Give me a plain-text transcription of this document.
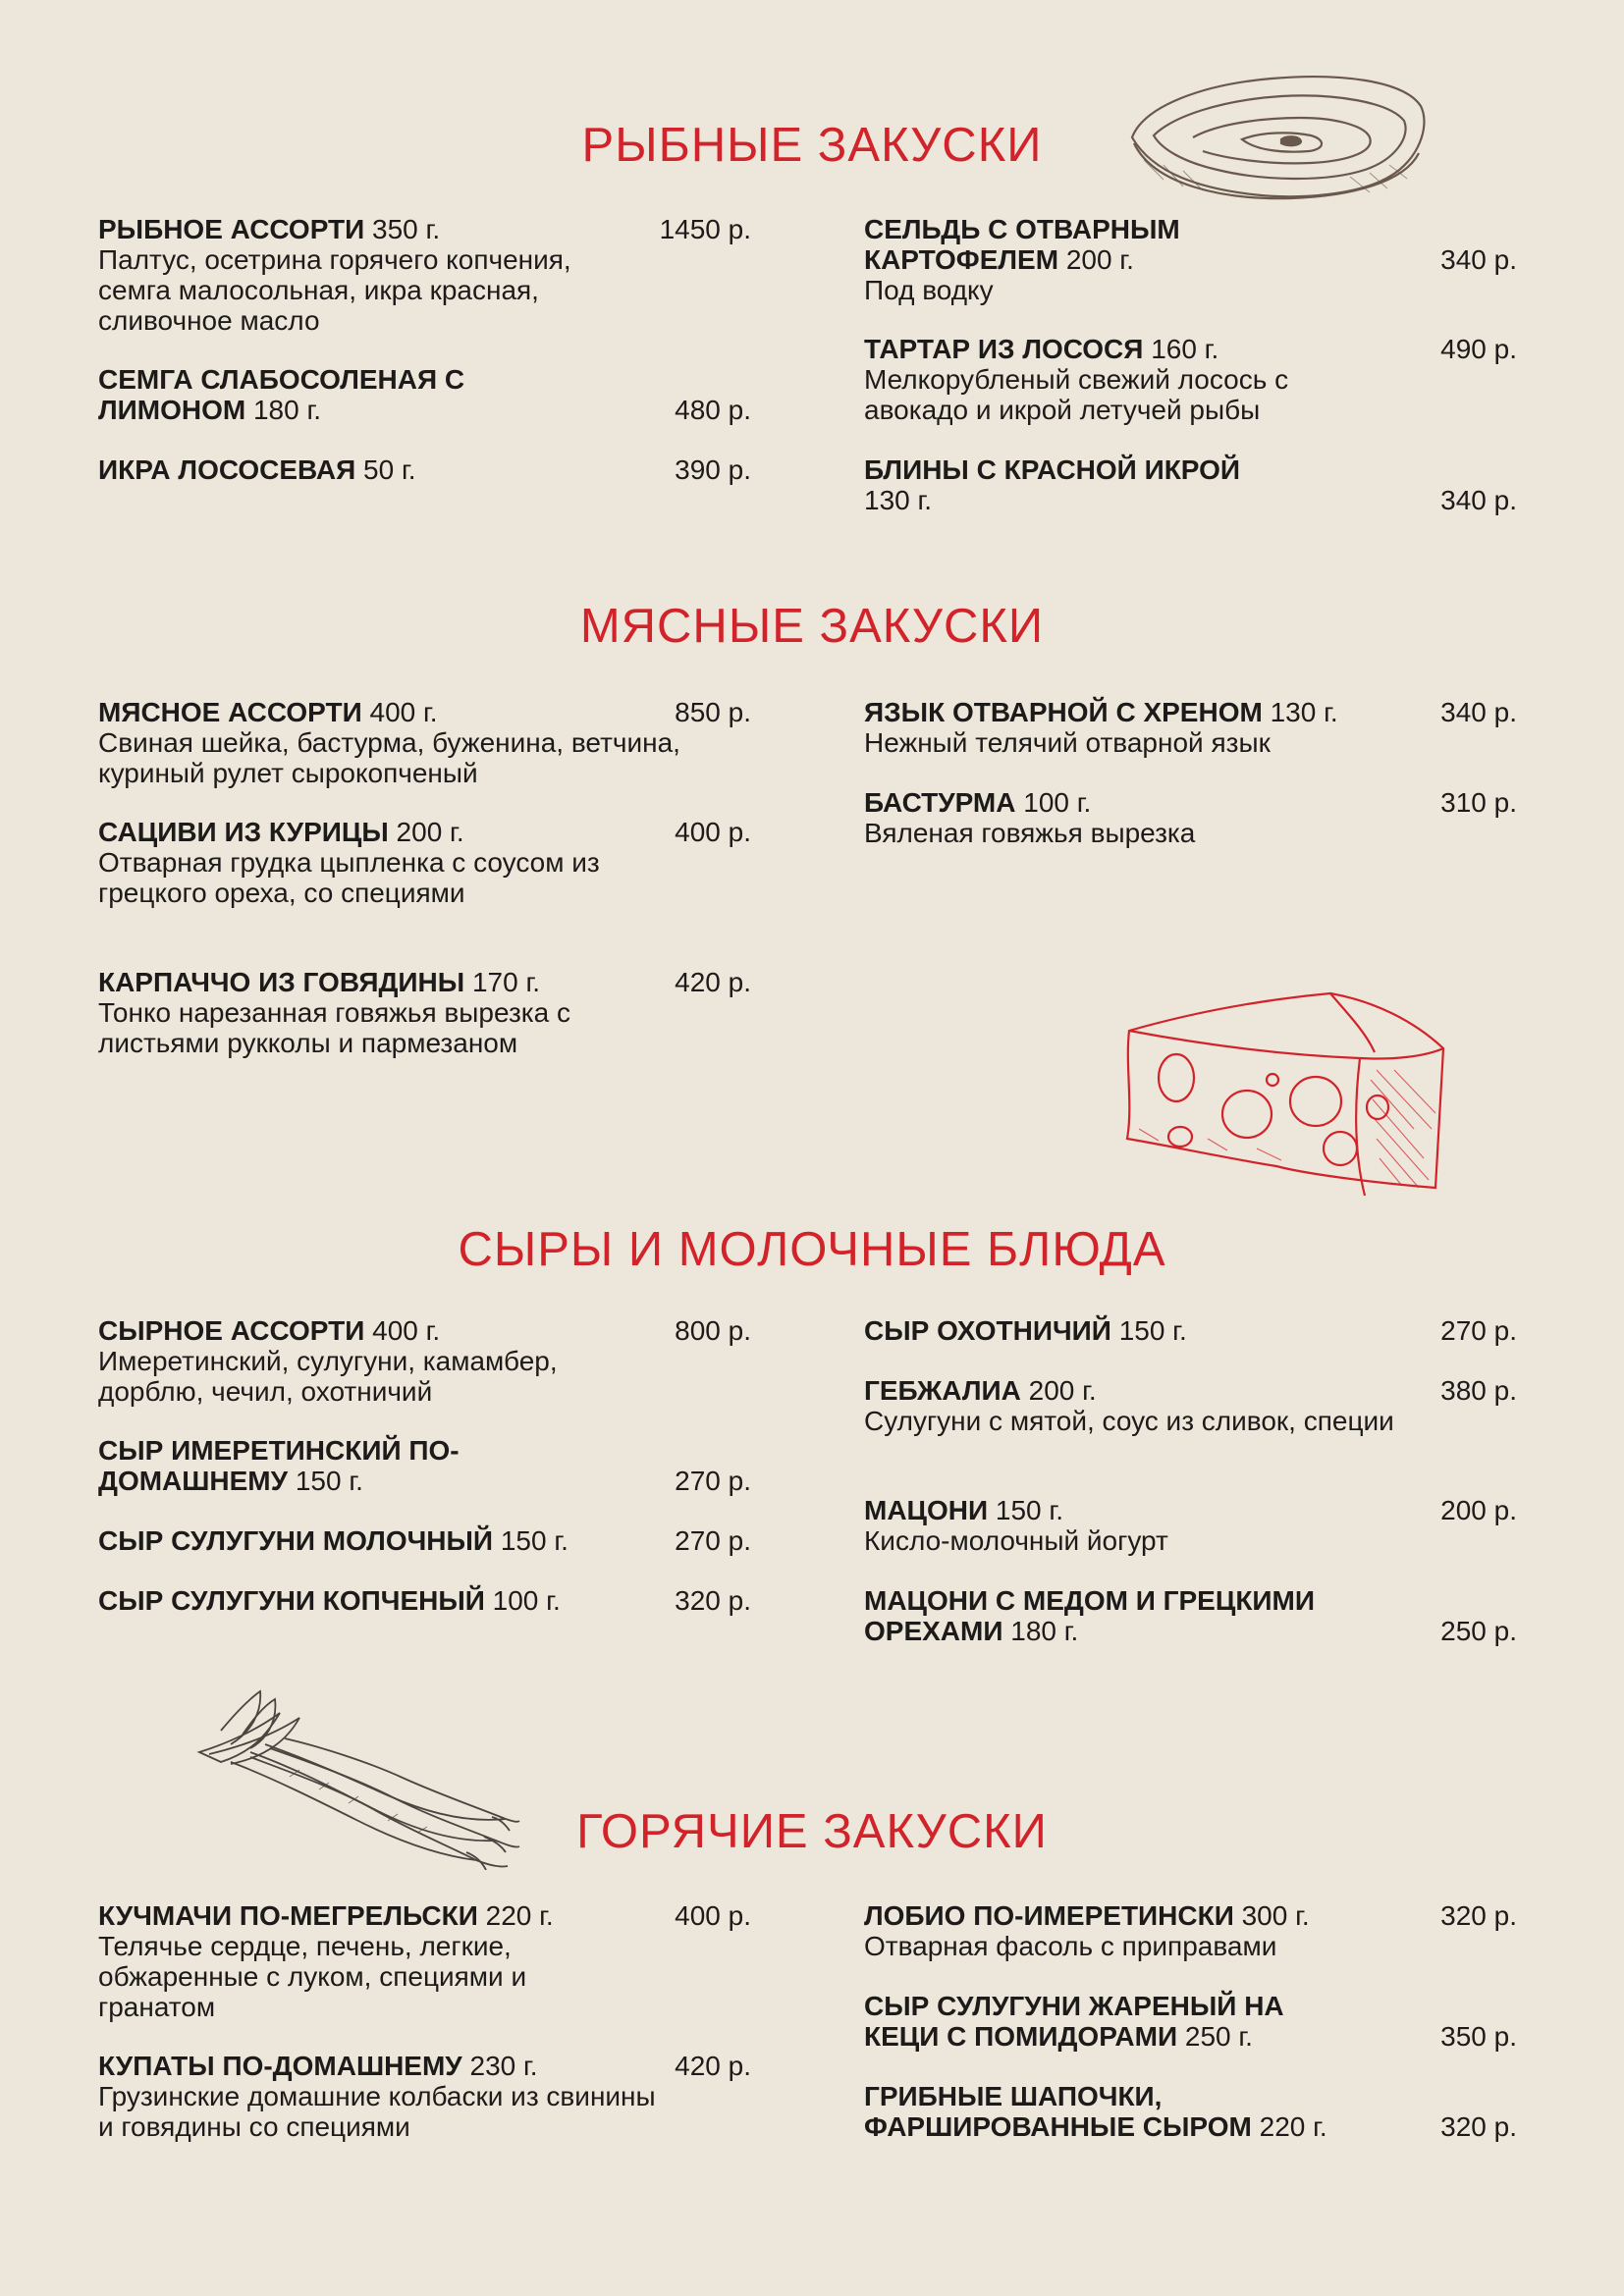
РЫБНЫЕ ЗАКУСКИ
РЫБНОЕ АССОРТИ 350 г.	1450 р.
Палтус, осетрина горячего копчения, семга малосольная, икра красная, сливочное масло
СЕМГА СЛАБОСОЛЕНАЯ С ЛИМОНОМ 180 г.	480 р.
ИКРА ЛОСОСЕВАЯ 50 г.	390 р.
СЕЛЬДЬ С ОТВАРНЫМ КАРТОФЕЛЕМ 200 г.	340 р.
Под водку
ТАРТАР ИЗ ЛОСОСЯ 160 г.	490 р.
Мелкорубленый свежий лосось с авокадо и икрой летучей рыбы
БЛИНЫ С КРАСНОЙ ИКРОЙ 130 г.	340 р.
МЯСНЫЕ ЗАКУСКИ
МЯСНОЕ АССОРТИ 400 г.	850 р.
Свиная шейка, бастурма, буженина, ветчина, куриный рулет сырокопченый
САЦИВИ ИЗ КУРИЦЫ 200 г.	400 р.
Отварная грудка цыпленка с соусом из грецкого ореха, со специями
КАРПАЧЧО ИЗ ГОВЯДИНЫ 170 г.	420 р.
Тонко нарезанная говяжья вырезка с листьями рукколы и пармезаном
ЯЗЫК ОТВАРНОЙ С ХРЕНОМ 130 г.	340 р.
Нежный телячий отварной язык
БАСТУРМА 100 г.	310 р.
Вяленая говяжья вырезка
СЫРЫ И МОЛОЧНЫЕ БЛЮДА
СЫРНОЕ АССОРТИ 400 г.	800 р.
Имеретинский, сулугуни, камамбер, дорблю, чечил, охотничий
СЫР ИМЕРЕТИНСКИЙ ПО-ДОМАШНЕМУ 150 г.	270 р.
СЫР СУЛУГУНИ МОЛОЧНЫЙ 150 г.	270 р.
СЫР СУЛУГУНИ КОПЧЕНЫЙ 100 г.	320 р.
СЫР ОХОТНИЧИЙ 150 г.	270 р.
ГЕБЖАЛИА 200 г.	380 р.
Сулугуни с мятой, соус из сливок, специи
МАЦОНИ 150 г.	200 р.
Кисло-молочный йогурт
МАЦОНИ С МЕДОМ И ГРЕЦКИМИ ОРЕХАМИ 180 г.	250 р.
ГОРЯЧИЕ ЗАКУСКИ
КУЧМАЧИ ПО-МЕГРЕЛЬСКИ 220 г.	400 р.
Телячье сердце, печень, легкие, обжаренные с луком, специями и гранатом
КУПАТЫ ПО-ДОМАШНЕМУ 230 г.	420 р.
Грузинские домашние колбаски из свинины и говядины со специями
ЛОБИО ПО-ИМЕРЕТИНСКИ 300 г.	320 р.
Отварная фасоль с приправами
СЫР СУЛУГУНИ ЖАРЕНЫЙ НА КЕЦИ С ПОМИДОРАМИ 250 г.	350 р.
ГРИБНЫЕ ШАПОЧКИ, ФАРШИРОВАННЫЕ СЫРОМ 220 г.	320 р.
